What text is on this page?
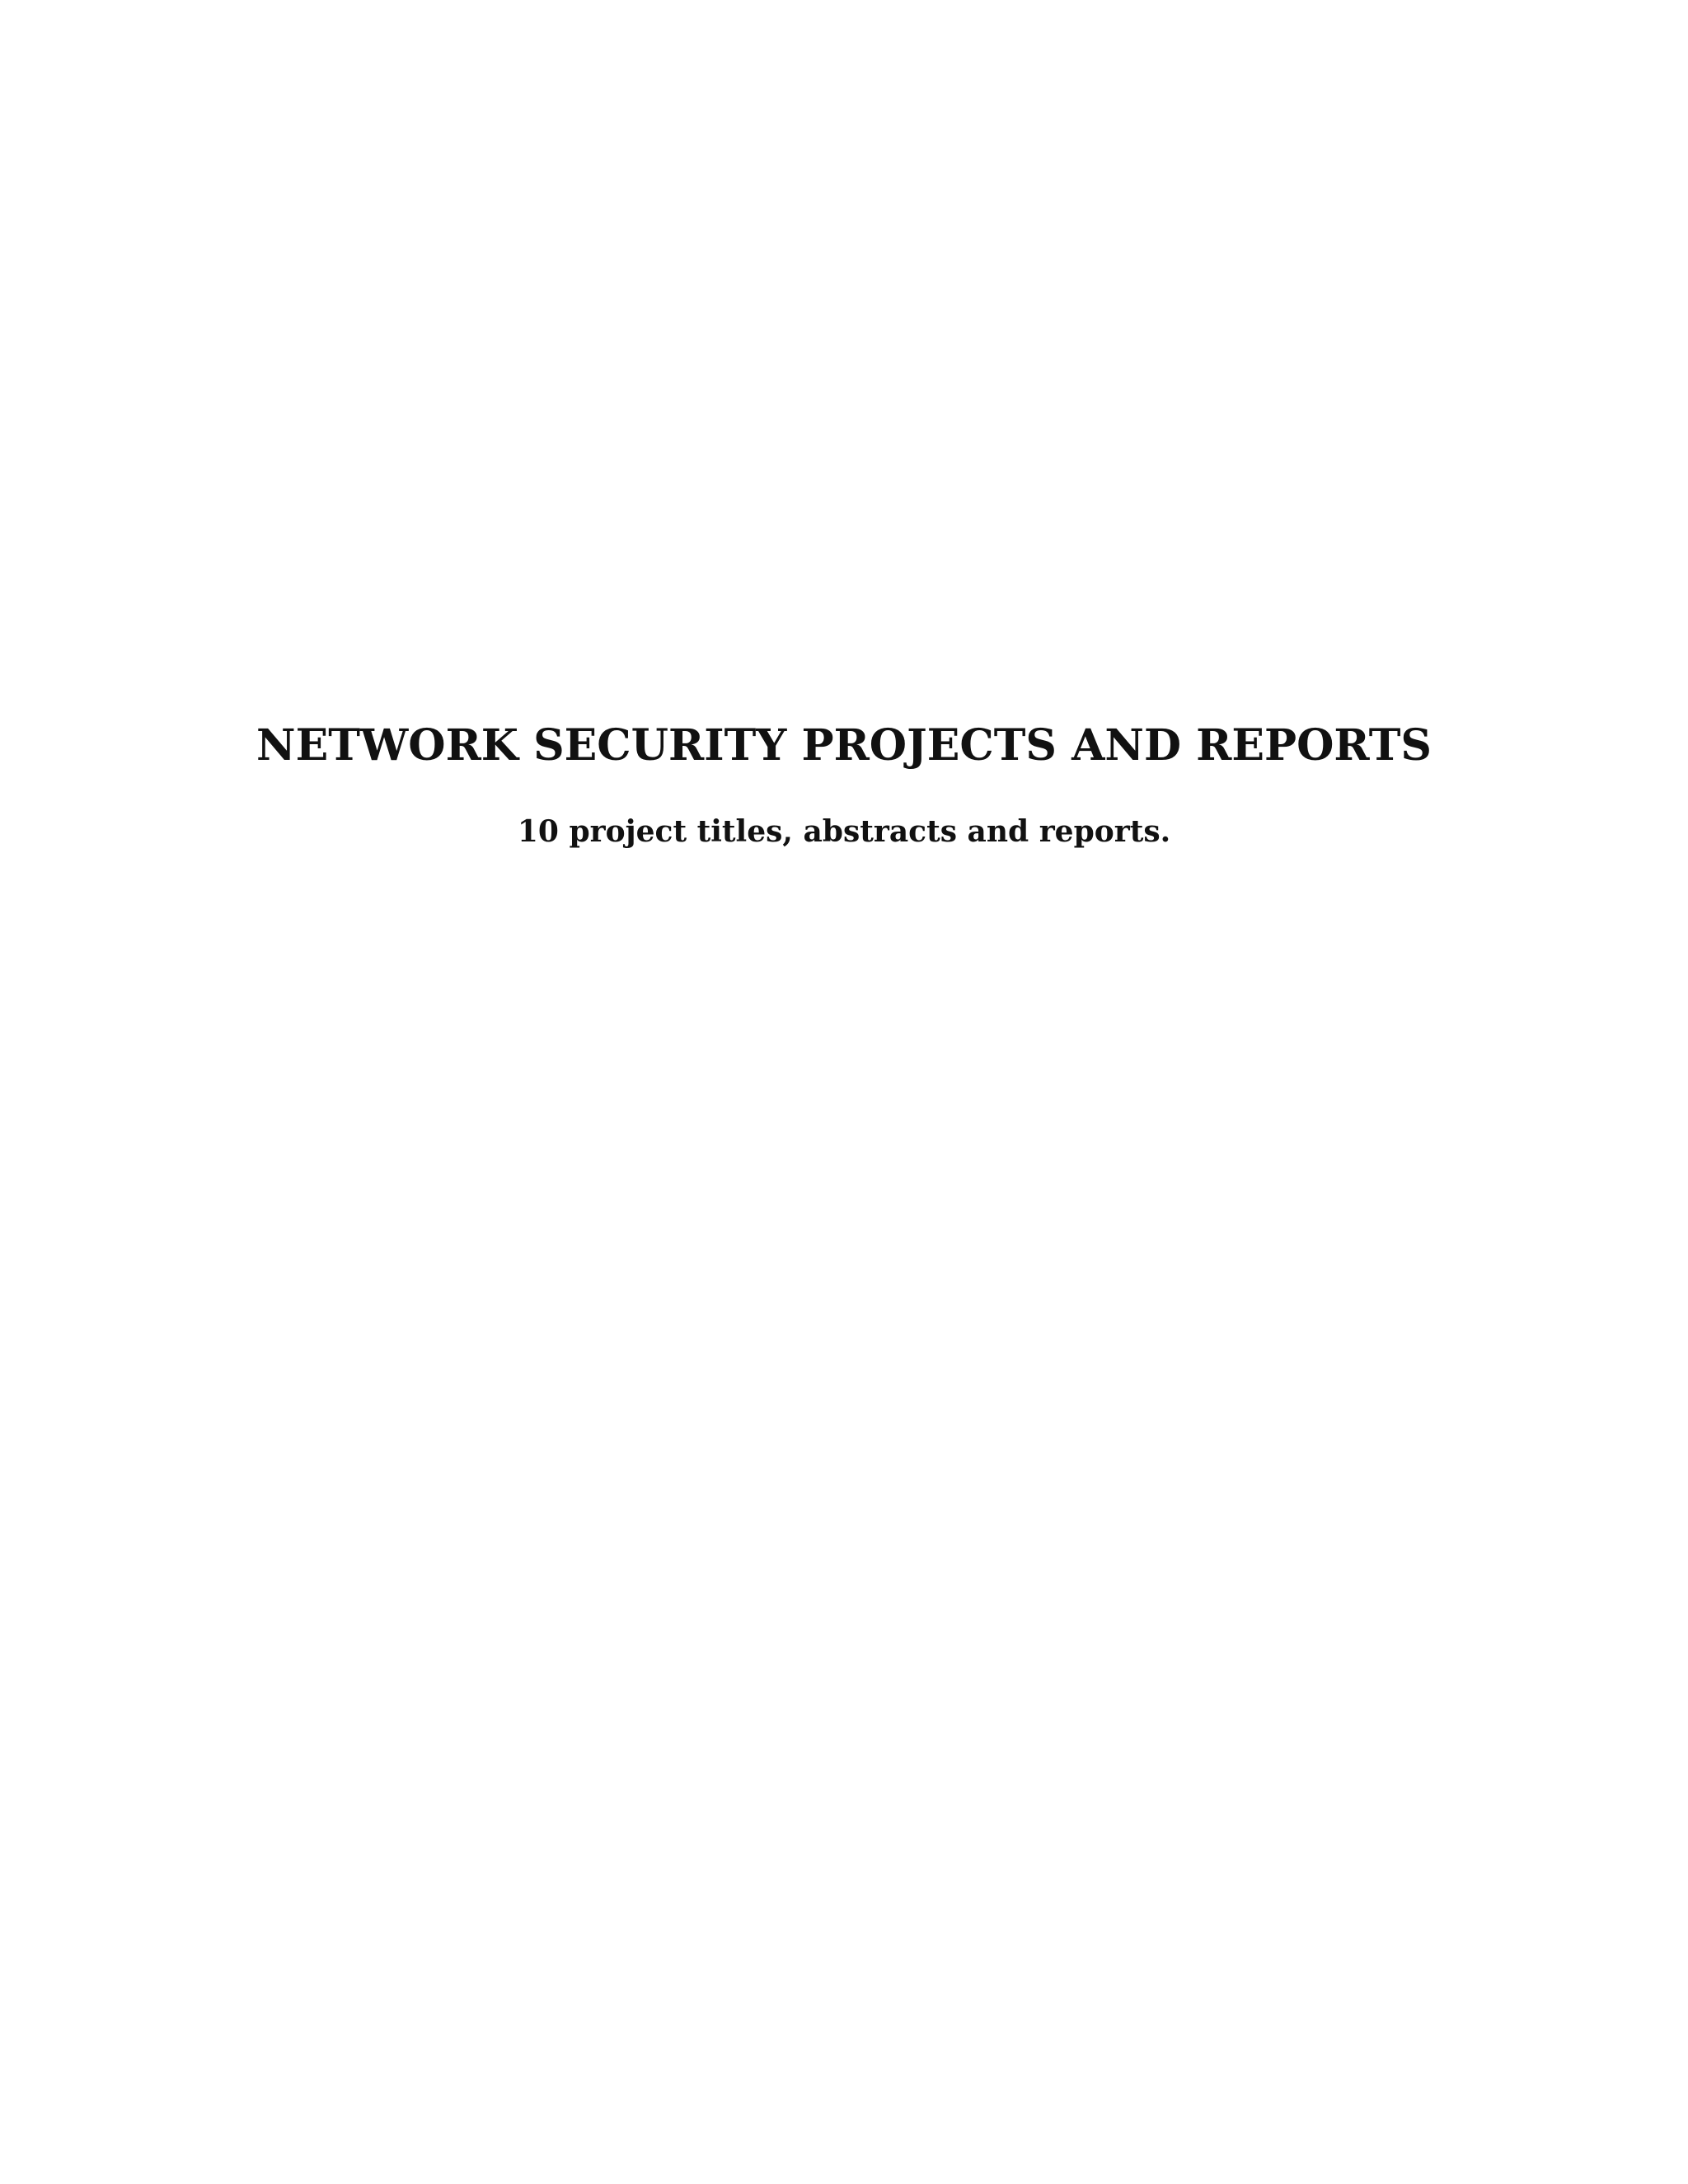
NETWORK SECURITY PROJECTS AND REPORTS
10 project titles, abstracts and reports.
